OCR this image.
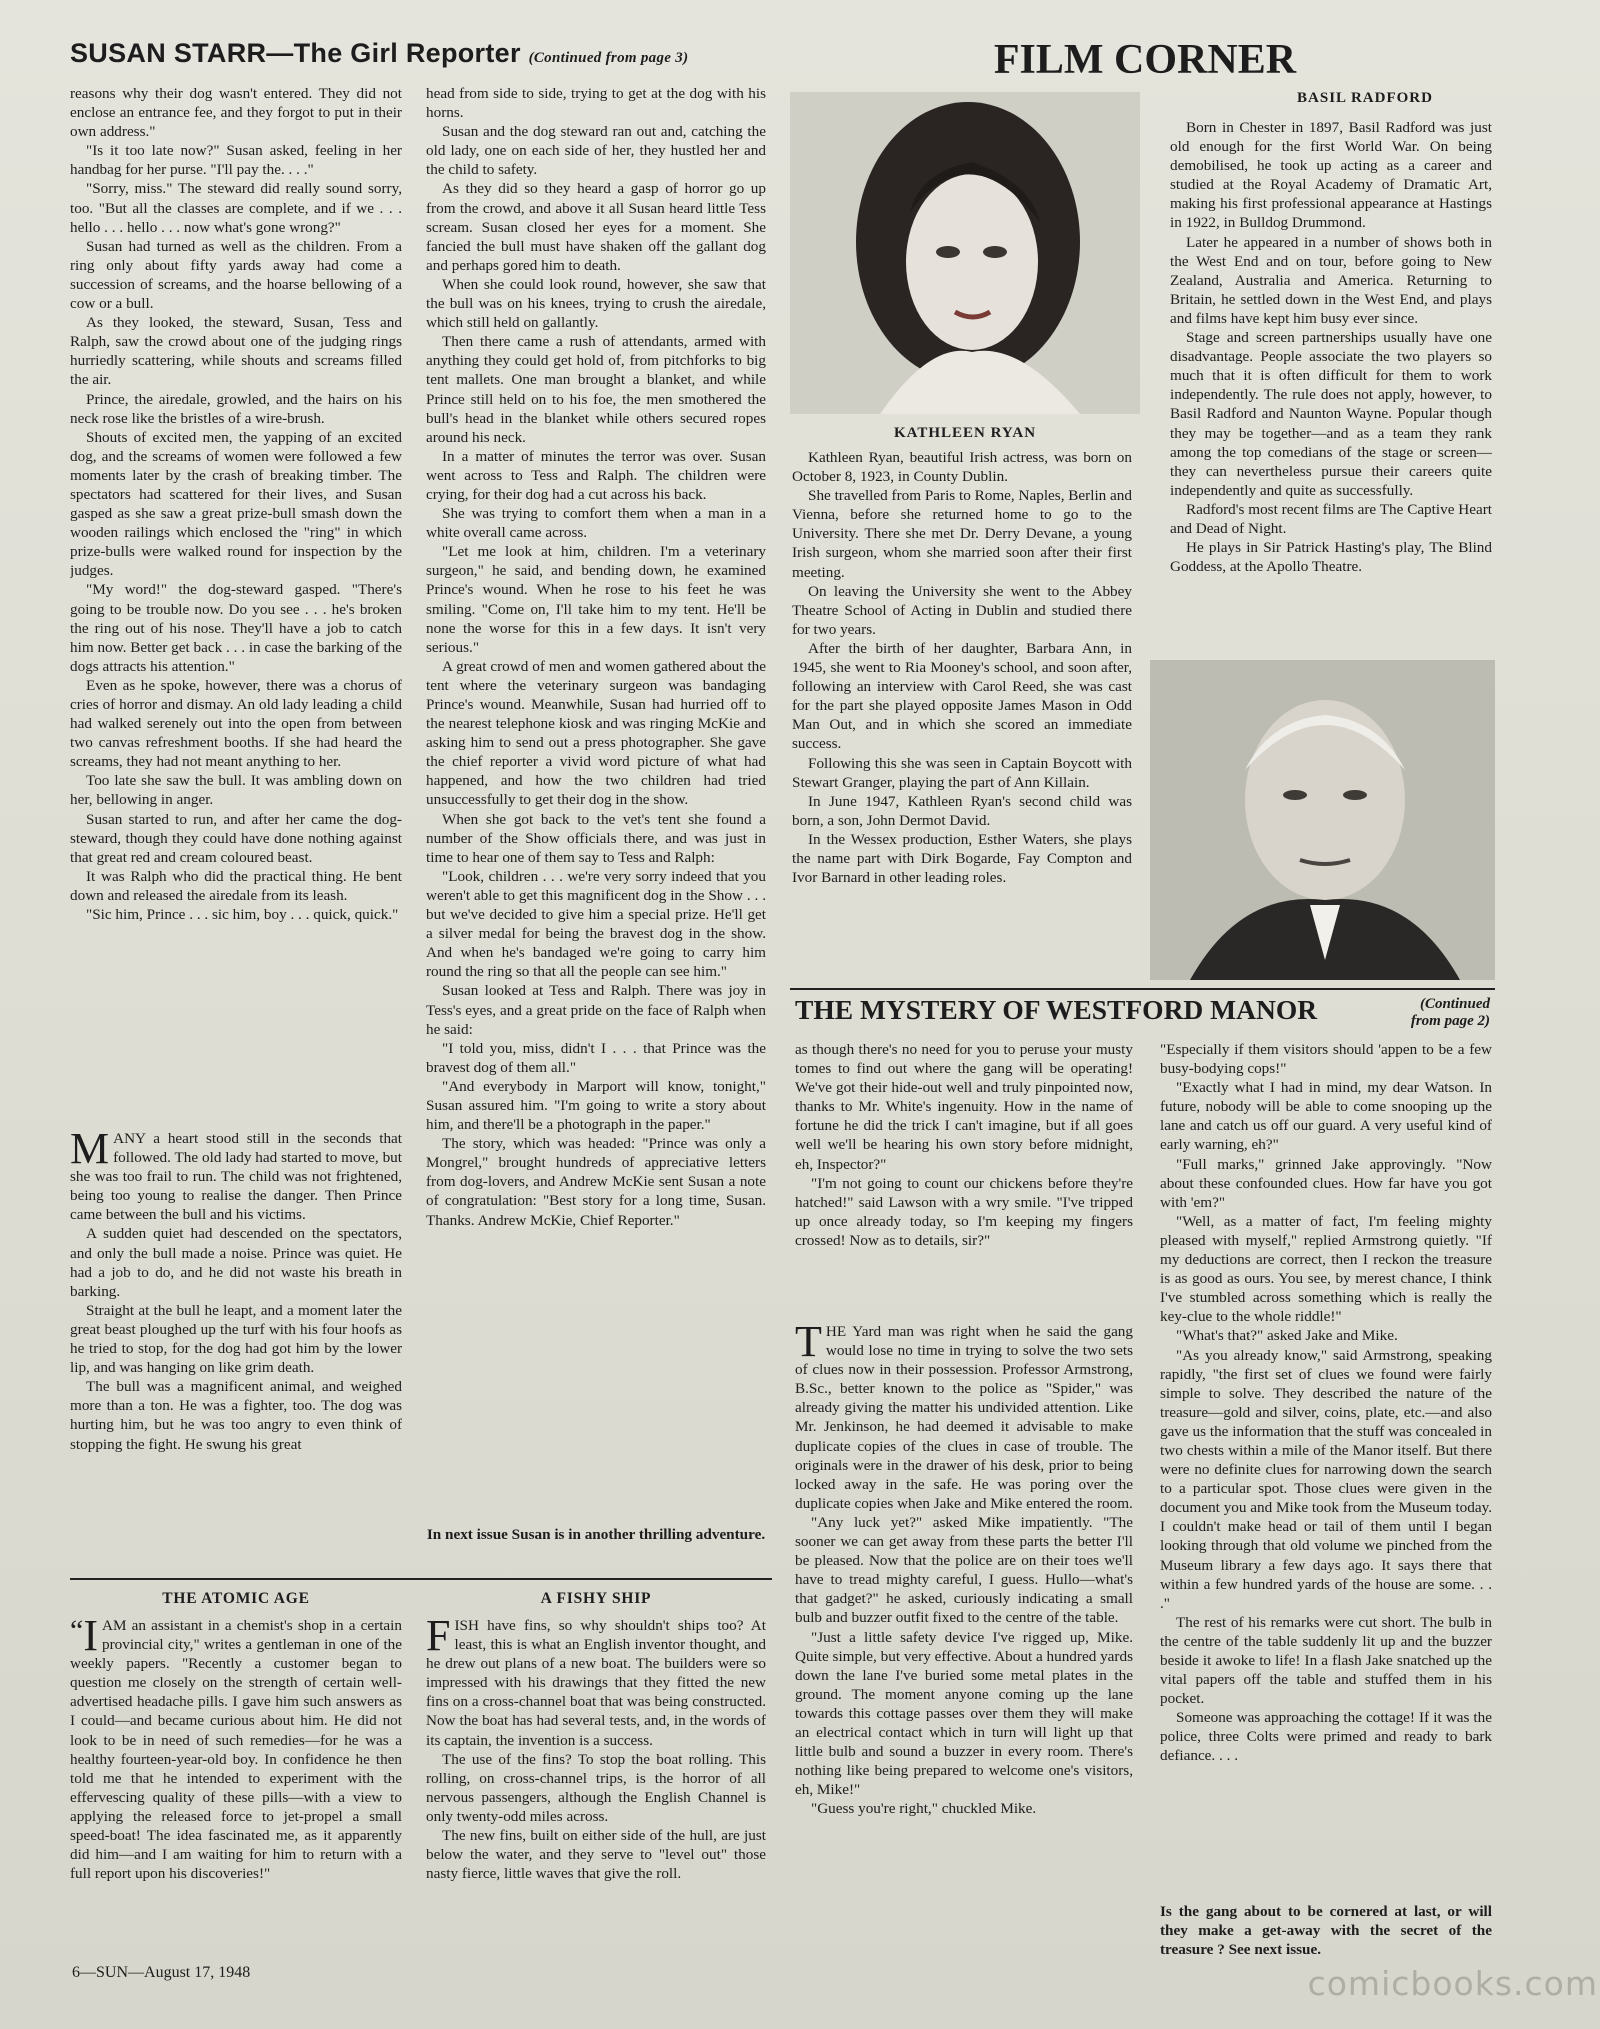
SUSAN STARR—The Girl Reporter (Continued from page 3)	FILM CORNER
BASIL RADFORD

reasons why their dog wasn't entered. They did not enclose an entrance fee, and they forgot to put in their own address."

"Is it too late now?" Susan asked, feeling in her handbag for her purse. "I'll pay the. . . ."

"Sorry, miss." The steward did really sound sorry, too. "But all the classes are complete, and if we . . . hello . . . hello . . . now what's gone wrong?"

Susan had turned as well as the children. From a ring only about fifty yards away had come a succession of screams, and the hoarse bellowing of a cow or a bull.

As they looked, the steward, Susan, Tess and Ralph, saw the crowd about one of the judging rings hurriedly scattering, while shouts and screams filled the air.

Prince, the airedale, growled, and the hairs on his neck rose like the bristles of a wire-brush.

Shouts of excited men, the yapping of an excited dog, and the screams of women were followed a few moments later by the crash of breaking timber. The spectators had scattered for their lives, and Susan gasped as she saw a great prize-bull smash down the wooden railings which enclosed the "ring" in which prize-bulls were walked round for inspection by the judges.

"My word!" the dog-steward gasped. "There's going to be trouble now. Do you see . . . he's broken the ring out of his nose. They'll have a job to catch him now. Better get back . . . in case the barking of the dogs attracts his attention."

Even as he spoke, however, there was a chorus of cries of horror and dismay. An old lady leading a child had walked serenely out into the open from between two canvas refreshment booths. If she had heard the screams, they had not meant anything to her.

Too late she saw the bull. It was ambling down on her, bellowing in anger.

Susan started to run, and after her came the dog-steward, though they could have done nothing against that great red and cream coloured beast.

It was Ralph who did the practical thing. He bent down and released the airedale from its leash.

"Sic him, Prince . . . sic him, boy . . . quick, quick."

MANY a heart stood still in the seconds that followed. The old lady had started to move, but she was too frail to run. The child was not frightened, being too young to realise the danger. Then Prince came between the bull and his victims.

A sudden quiet had descended on the spectators, and only the bull made a noise. Prince was quiet. He had a job to do, and he did not waste his breath in barking.

Straight at the bull he leapt, and a moment later the great beast ploughed up the turf with his four hoofs as he tried to stop, for the dog had got him by the lower lip, and was hanging on like grim death.

The bull was a magnificent animal, and weighed more than a ton. He was a fighter, too. The dog was hurting him, but he was too angry to even think of stopping the fight. He swung his great

head from side to side, trying to get at the dog with his horns.

Susan and the dog steward ran out and, catching the old lady, one on each side of her, they hustled her and the child to safety.

As they did so they heard a gasp of horror go up from the crowd, and above it all Susan heard little Tess scream. Susan closed her eyes for a moment. She fancied the bull must have shaken off the gallant dog and perhaps gored him to death.

When she could look round, however, she saw that the bull was on his knees, trying to crush the airedale, which still held on gallantly.

Then there came a rush of attendants, armed with anything they could get hold of, from pitchforks to big tent mallets. One man brought a blanket, and while Prince still held on to his foe, the men smothered the bull's head in the blanket while others secured ropes around his neck.

In a matter of minutes the terror was over. Susan went across to Tess and Ralph. The children were crying, for their dog had a cut across his back.

She was trying to comfort them when a man in a white overall came across.

"Let me look at him, children. I'm a veterinary surgeon," he said, and bending down, he examined Prince's wound. When he rose to his feet he was smiling. "Come on, I'll take him to my tent. He'll be none the worse for this in a few days. It isn't very serious."

A great crowd of men and women gathered about the tent where the veterinary surgeon was bandaging Prince's wound. Meanwhile, Susan had hurried off to the nearest telephone kiosk and was ringing McKie and asking him to send out a press photographer. She gave the chief reporter a vivid word picture of what had happened, and how the two children had tried unsuccessfully to get their dog in the show.

When she got back to the vet's tent she found a number of the Show officials there, and was just in time to hear one of them say to Tess and Ralph:

"Look, children . . . we're very sorry indeed that you weren't able to get this magnificent dog in the Show . . . but we've decided to give him a special prize. He'll get a silver medal for being the bravest dog in the show. And when he's bandaged we're going to carry him round the ring so that all the people can see him."

Susan looked at Tess and Ralph. There was joy in Tess's eyes, and a great pride on the face of Ralph when he said:

"I told you, miss, didn't I . . . that Prince was the bravest dog of them all."

"And everybody in Marport will know, tonight," Susan assured him. "I'm going to write a story about him, and there'll be a photograph in the paper."

The story, which was headed: "Prince was only a Mongrel," brought hundreds of appreciative letters from dog-lovers, and Andrew McKie sent Susan a note of congratulation: "Best story for a long time, Susan. Thanks. Andrew McKie, Chief Reporter."

In next issue Susan is in another thrilling adventure.

KATHLEEN RYAN

Kathleen Ryan, beautiful Irish actress, was born on October 8, 1923, in County Dublin.

She travelled from Paris to Rome, Naples, Berlin and Vienna, before she returned home to go to the University. There she met Dr. Derry Devane, a young Irish surgeon, whom she married soon after their first meeting.

On leaving the University she went to the Abbey Theatre School of Acting in Dublin and studied there for two years.

After the birth of her daughter, Barbara Ann, in 1945, she went to Ria Mooney's school, and soon after, following an interview with Carol Reed, she was cast for the part she played opposite James Mason in Odd Man Out, and in which she scored an immediate success.

Following this she was seen in Captain Boycott with Stewart Granger, playing the part of Ann Killain.

In June 1947, Kathleen Ryan's second child was born, a son, John Dermot David.

In the Wessex production, Esther Waters, she plays the name part with Dirk Bogarde, Fay Compton and Ivor Barnard in other leading roles.

Born in Chester in 1897, Basil Radford was just old enough for the first World War. On being demobilised, he took up acting as a career and studied at the Royal Academy of Dramatic Art, making his first professional appearance at Hastings in 1922, in Bulldog Drummond.

Later he appeared in a number of shows both in the West End and on tour, before going to New Zealand, Australia and America. Returning to Britain, he settled down in the West End, and plays and films have kept him busy ever since.

Stage and screen partnerships usually have one disadvantage. People associate the two players so much that it is often difficult for them to work independently. The rule does not apply, however, to Basil Radford and Naunton Wayne. Popular though they may be together—and as a team they rank among the top comedians of the stage or screen—they can nevertheless pursue their careers quite independently and quite as successfully.

Radford's most recent films are The Captive Heart and Dead of Night.

He plays in Sir Patrick Hasting's play, The Blind Goddess, at the Apollo Theatre.

THE MYSTERY OF WESTFORD MANOR	(Continued from page 2)

as though there's no need for you to peruse your musty tomes to find out where the gang will be operating! We've got their hide-out well and truly pinpointed now, thanks to Mr. White's ingenuity. How in the name of fortune he did the trick I can't imagine, but if all goes well we'll be hearing his own story before midnight, eh, Inspector?"

"I'm not going to count our chickens before they're hatched!" said Lawson with a wry smile. "I've tripped up once already today, so I'm keeping my fingers crossed! Now as to details, sir?"

THE Yard man was right when he said the gang would lose no time in trying to solve the two sets of clues now in their possession. Professor Armstrong, B.Sc., better known to the police as "Spider," was already giving the matter his undivided attention. Like Mr. Jenkinson, he had deemed it advisable to make duplicate copies of the clues in case of trouble. The originals were in the drawer of his desk, prior to being locked away in the safe. He was poring over the duplicate copies when Jake and Mike entered the room.

"Any luck yet?" asked Mike impatiently. "The sooner we can get away from these parts the better I'll be pleased. Now that the police are on their toes we'll have to tread mighty careful, I guess. Hullo—what's that gadget?" he asked, curiously indicating a small bulb and buzzer outfit fixed to the centre of the table.

"Just a little safety device I've rigged up, Mike. Quite simple, but very effective. About a hundred yards down the lane I've buried some metal plates in the ground. The moment anyone coming up the lane towards this cottage passes over them they will make an electrical contact which in turn will light up that little bulb and sound a buzzer in every room. There's nothing like being prepared to welcome one's visitors, eh, Mike!"

"Guess you're right," chuckled Mike.

"Especially if them visitors should 'appen to be a few busy-bodying cops!"

"Exactly what I had in mind, my dear Watson. In future, nobody will be able to come snooping up the lane and catch us off our guard. A very useful kind of early warning, eh?"

"Full marks," grinned Jake approvingly. "Now about these confounded clues. How far have you got with 'em?"

"Well, as a matter of fact, I'm feeling mighty pleased with myself," replied Armstrong quietly. "If my deductions are correct, then I reckon the treasure is as good as ours. You see, by merest chance, I think I've stumbled across something which is really the key-clue to the whole riddle!"

"What's that?" asked Jake and Mike.

"As you already know," said Armstrong, speaking rapidly, "the first set of clues we found were fairly simple to solve. They described the nature of the treasure—gold and silver, coins, plate, etc.—and also gave us the information that the stuff was concealed in two chests within a mile of the Manor itself. But there were no definite clues for narrowing down the search to a particular spot. Those clues were given in the document you and Mike took from the Museum today. I couldn't make head or tail of them until I began looking through that old volume we pinched from the Museum library a few days ago. It says there that within a few hundred yards of the house are some. . . ."

The rest of his remarks were cut short. The bulb in the centre of the table suddenly lit up and the buzzer beside it awoke to life! In a flash Jake snatched up the vital papers off the table and stuffed them in his pocket.

Someone was approaching the cottage! If it was the police, three Colts were primed and ready to bark defiance. . . .

Is the gang about to be cornered at last, or will they make a get-away with the secret of the treasure ? See next issue.

THE ATOMIC AGE

“ I AM an assistant in a chemist's shop in a certain provincial city," writes a gentleman in one of the weekly papers. "Recently a customer began to question me closely on the strength of certain well-advertised headache pills. I gave him such answers as I could—and became curious about him. He did not look to be in need of such remedies—for he was a healthy fourteen-year-old boy. In confidence he then told me that he intended to experiment with the effervescing quality of these pills—with a view to applying the released force to jet-propel a small speed-boat! The idea fascinated me, as it apparently did him—and I am waiting for him to return with a full report upon his discoveries!"

A FISHY SHIP

FISH have fins, so why shouldn't ships too? At least, this is what an English inventor thought, and he drew out plans of a new boat. The builders were so impressed with his drawings that they fitted the new fins on a cross-channel boat that was being constructed. Now the boat has had several tests, and, in the words of its captain, the invention is a success.

The use of the fins? To stop the boat rolling. This rolling, on cross-channel trips, is the horror of all nervous passengers, although the English Channel is only twenty-odd miles across.

The new fins, built on either side of the hull, are just below the water, and they serve to "level out" those nasty fierce, little waves that give the roll.

6—SUN—August 17, 1948	comicbooks.com
